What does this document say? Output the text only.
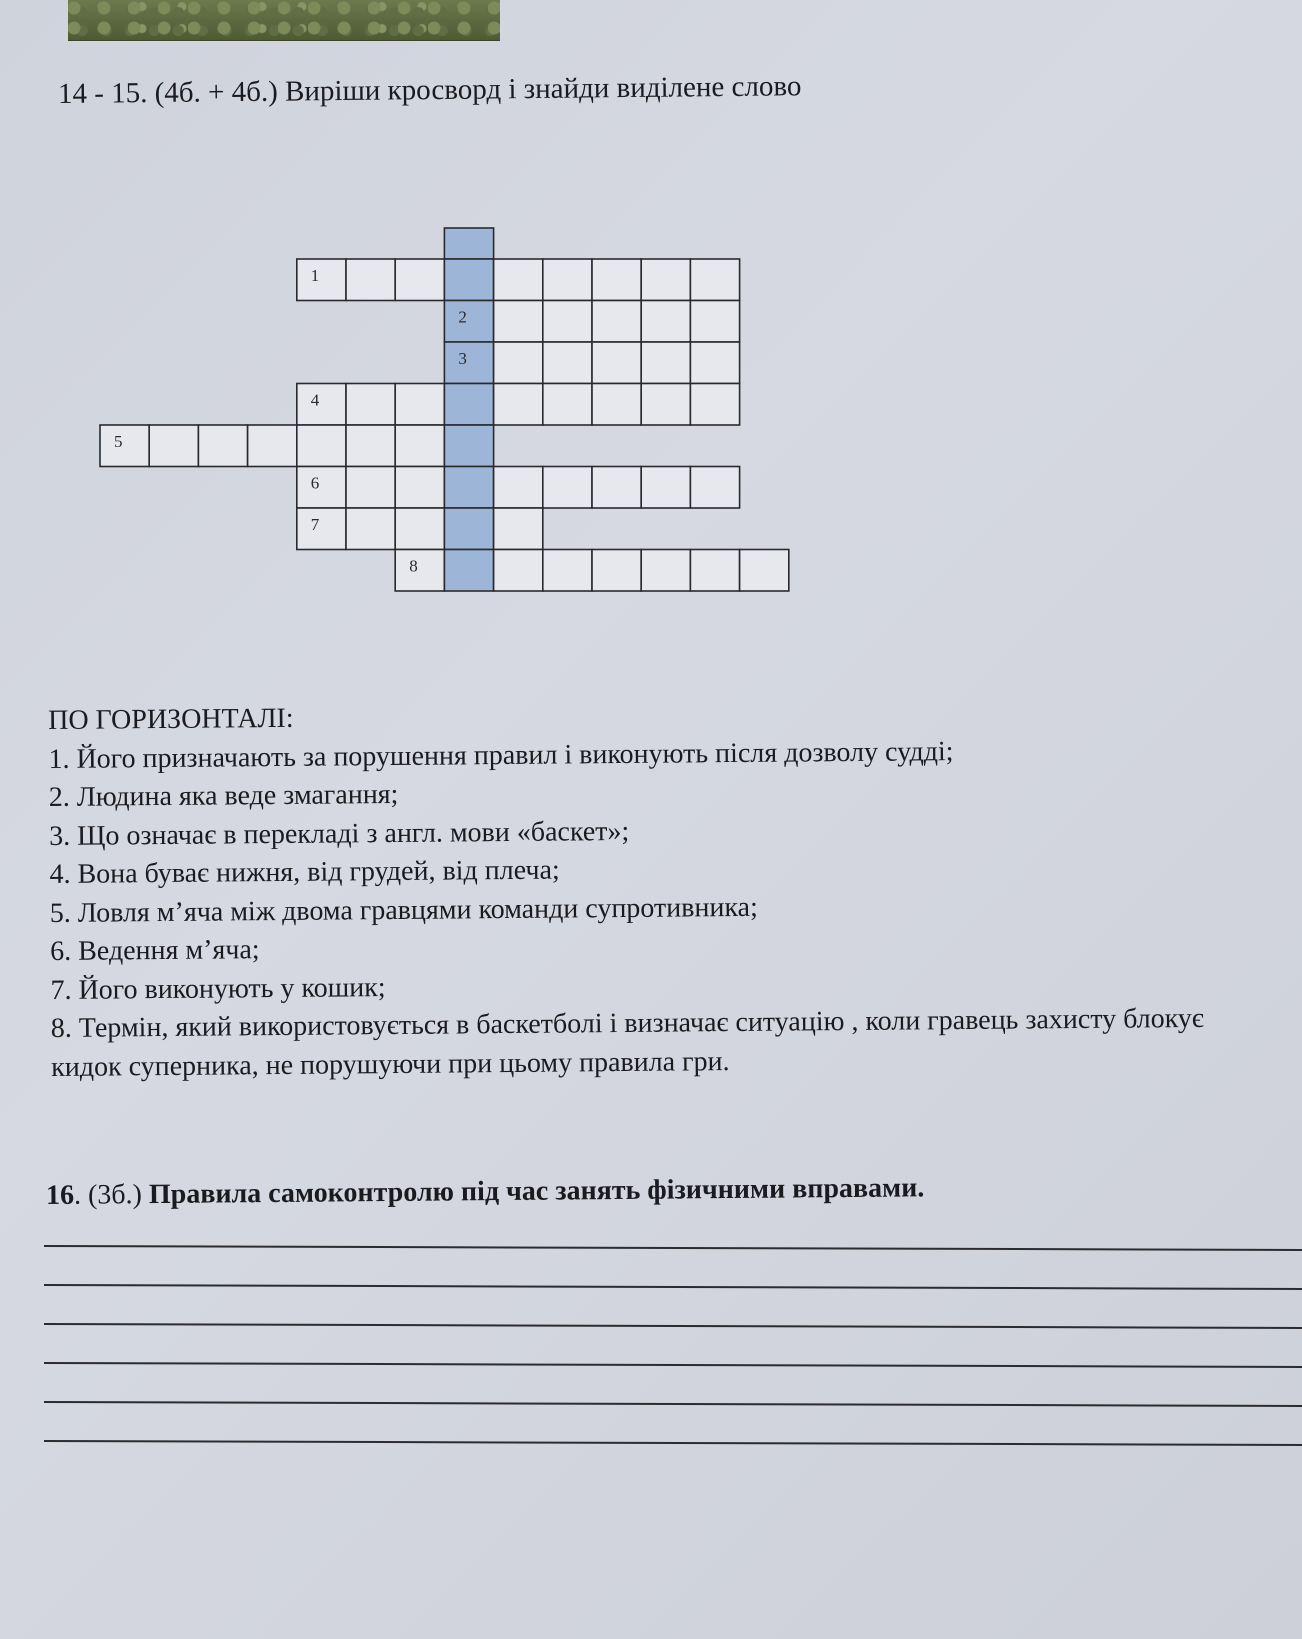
14 - 15. (4б. + 4б.) Виріши кросворд і знайди виділене слово
1
2
3
4
5
6
7
8
ПО ГОРИЗОНТАЛІ:
1. Його призначають за порушення правил і виконують після дозволу судді;
2. Людина яка веде змагання;
3. Що означає в перекладі з англ. мови «баскет»;
4. Вона буває нижня, від грудей, від плеча;
5. Ловля м’яча між двома гравцями команди супротивника;
6. Ведення м’яча;
7. Його виконують у кошик;
8. Термін, який використовується в баскетболі і визначає ситуацію , коли гравець захисту блокує кидок суперника, не порушуючи при цьому правила гри.
16. (3б.) Правила самоконтролю під час занять фізичними вправами.
